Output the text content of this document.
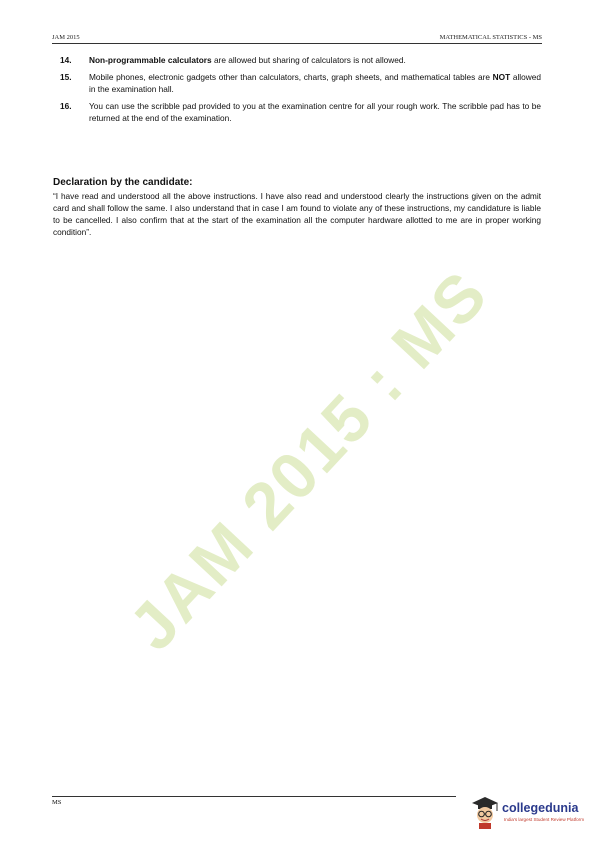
JAM 2015	MATHEMATICAL STATISTICS - MS
14.	Non-programmable calculators are allowed but sharing of calculators is not allowed.
15.	Mobile phones, electronic gadgets other than calculators, charts, graph sheets, and mathematical tables are NOT allowed in the examination hall.
16.	You can use the scribble pad provided to you at the examination centre for all your rough work. The scribble pad has to be returned at the end of the examination.
Declaration by the candidate:
“I have read and understood all the above instructions. I have also read and understood clearly the instructions given on the admit card and shall follow the same. I also understand that in case I am found to violate any of these instructions, my candidature is liable to be cancelled. I also confirm that at the start of the examination all the computer hardware allotted to me are in proper working condition”.
JAM 2015 : MS
MS	collegedunia
India's largest Student Review Platform
